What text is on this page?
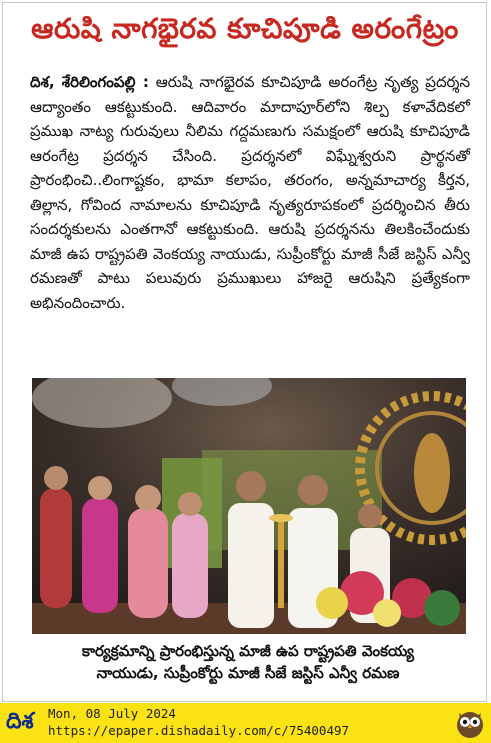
ఆరుషి నాగభైరవ కూచిపూడి అరంగేట్రం
దిశ, శేరిలింగంపల్లి : ఆరుషి నాగభైరవ కూచిపూడి అరంగేట్ర నృత్య ప్రదర్శన ఆద్యాంతం ఆకట్టుకుంది. ఆదివారం మాదాపూర్‌లోని శిల్ప కళావేదికలో ప్రముఖ నాట్య గురువులు నీలిమ గద్దమణుగు సమక్షంలో ఆరుషి కూచిపూడి ఆరంగేట్ర ప్రదర్శన చేసింది. ప్రదర్శనలో విఘ్నేశ్వరుని ప్రార్థనతో ప్రారంభించి..లింగాష్టకం, భామా కలాపం, తరంగం, అన్నమాచార్య కీర్తన, తిల్లాన, గోవింద నామాలను కూచిపూడి నృత్యరూపకంలో ప్రదర్శించిన తీరు సందర్శకులను ఎంతగానో ఆకట్టుకుంది. ఆరుషి ప్రదర్శనను తిలకించేందుకు మాజీ ఉప రాష్ట్రపతి వెంకయ్య నాయుడు, సుప్రీంకోర్టు మాజీ సీజే జస్టిస్ ఎన్వీ రమణతో పాటు పలువురు ప్రముఖులు హాజరై ఆరుషిని ప్రత్యేకంగా అభినందించారు.
కార్యక్రమాన్ని ప్రారంభిస్తున్న మాజీ ఉప రాష్ట్రపతి వెంకయ్య
నాయుడు, సుప్రీంకోర్టు మాజీ సీజే జస్టిస్ ఎన్వీ రమణ
దిశ Mon, 08 July 2024
https://epaper.dishadaily.com/c/75400497
